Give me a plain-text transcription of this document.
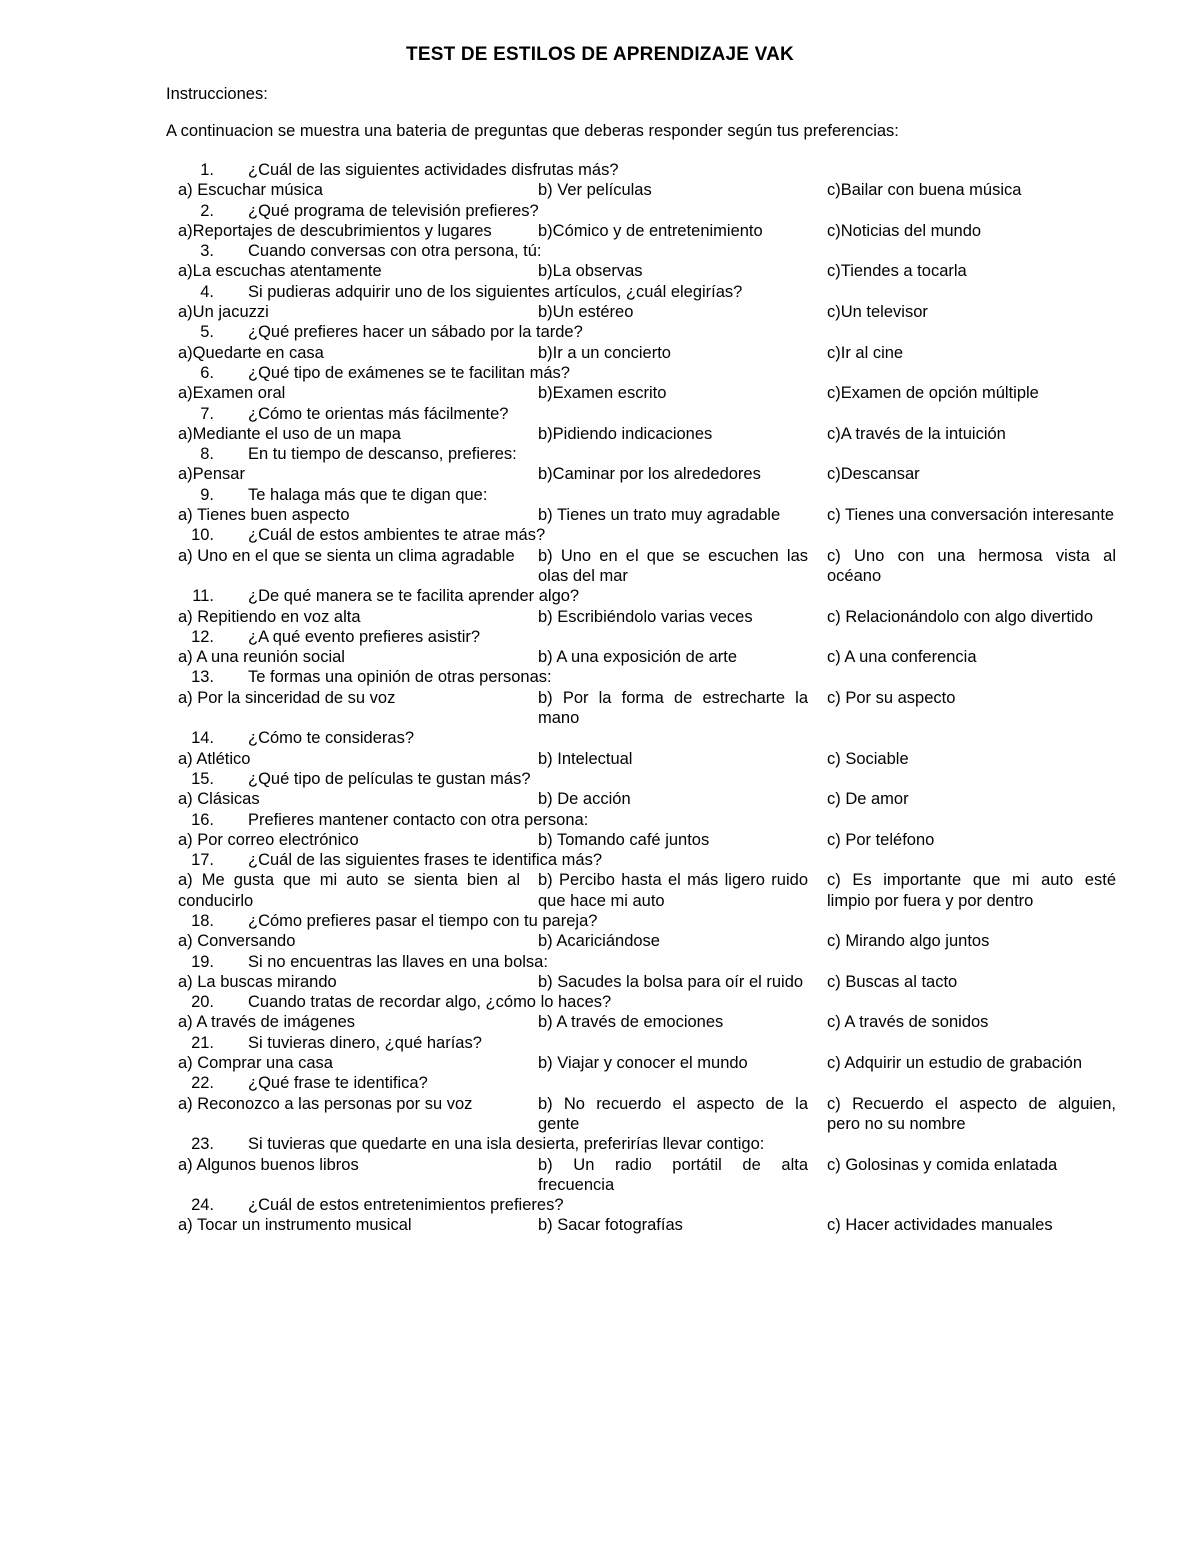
TEST DE ESTILOS DE APRENDIZAJE VAK
Instrucciones:
A continuacion se muestra una bateria de preguntas que deberas responder según tus preferencias:
1. ¿Cuál de las siguientes actividades disfrutas más?
a) Escuchar música	b) Ver películas	c)Bailar con buena música
2. ¿Qué programa de televisión prefieres?
a)Reportajes de descubrimientos y lugares	b)Cómico y de entretenimiento	c)Noticias del mundo
3. Cuando conversas con otra persona, tú:
a)La escuchas atentamente	b)La observas	c)Tiendes a tocarla
4. Si pudieras adquirir uno de los siguientes artículos, ¿cuál elegirías?
a)Un jacuzzi	b)Un estéreo	c)Un televisor
5. ¿Qué prefieres hacer un sábado por la tarde?
a)Quedarte en casa	b)Ir a un concierto	c)Ir al cine
6. ¿Qué tipo de exámenes se te facilitan más?
a)Examen oral	b)Examen escrito	c)Examen de opción múltiple
7. ¿Cómo te orientas más fácilmente?
a)Mediante el uso de un mapa	b)Pidiendo indicaciones	c)A través de la intuición
8. En tu tiempo de descanso, prefieres:
a)Pensar	b)Caminar por los alrededores	c)Descansar
9. Te halaga más que te digan que:
a) Tienes buen aspecto	b) Tienes un trato muy agradable	c) Tienes una conversación interesante
10. ¿Cuál de estos ambientes te atrae más?
a) Uno en el que se sienta un clima agradable	b) Uno en el que se escuchen las olas del mar
c) Uno con una hermosa vista al océano
11. ¿De qué manera se te facilita aprender algo?
a) Repitiendo en voz alta	b) Escribiéndolo varias veces	c) Relacionándolo con algo divertido
12. ¿A qué evento prefieres asistir?
a) A una reunión social	b) A una exposición de arte	c) A una conferencia
13. Te formas una opinión de otras personas:
a) Por la sinceridad de su voz	b) Por la forma de estrecharte la mano
c) Por su aspecto
14. ¿Cómo te consideras?
a) Atlético	b) Intelectual	c) Sociable
15. ¿Qué tipo de películas te gustan más?
a) Clásicas	b) De acción	c) De amor
16. Prefieres mantener contacto con otra persona:
a) Por correo electrónico	b) Tomando café juntos	c) Por teléfono
17. ¿Cuál de las siguientes frases te identifica más?
a) Me gusta que mi auto se sienta bien al conducirlo
b) Percibo hasta el más ligero ruido que hace mi auto
c) Es importante que mi auto esté limpio por fuera y por dentro
18. ¿Cómo prefieres pasar el tiempo con tu pareja?
a) Conversando	b) Acariciándose	c) Mirando algo juntos
19. Si no encuentras las llaves en una bolsa:
a) La buscas mirando	b) Sacudes la bolsa para oír el ruido	c) Buscas al tacto
20. Cuando tratas de recordar algo, ¿cómo lo haces?
a) A través de imágenes	b) A través de emociones	c) A través de sonidos
21. Si tuvieras dinero, ¿qué harías?
a) Comprar una casa	b) Viajar y conocer el mundo	c) Adquirir un estudio de grabación
22. ¿Qué frase te identifica?
a) Reconozco a las personas por su voz	b) No recuerdo el aspecto de la gente
c) Recuerdo el aspecto de alguien, pero no su nombre
23. Si tuvieras que quedarte en una isla desierta, preferirías llevar contigo:
a) Algunos buenos libros	b) Un radio portátil de alta frecuencia
c) Golosinas y comida enlatada
24. ¿Cuál de estos entretenimientos prefieres?
a) Tocar un instrumento musical	b) Sacar fotografías	c) Hacer actividades manuales
